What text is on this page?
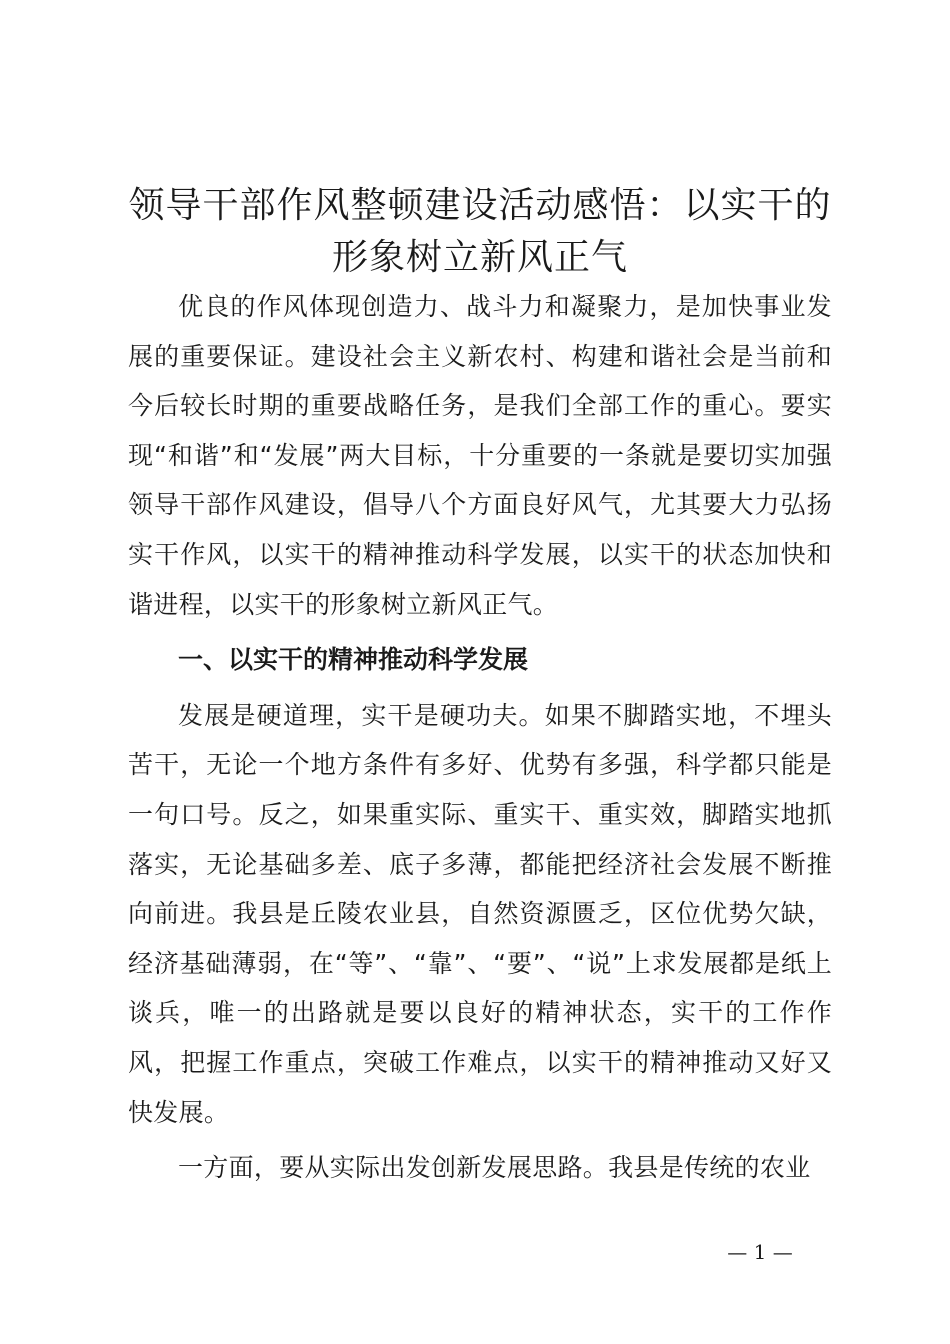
领导干部作风整顿建设活动感悟：以实干的形象树立新风正气

优良的作风体现创造力、战斗力和凝聚力，是加快事业发展的重要保证。建设社会主义新农村、构建和谐社会是当前和今后较长时期的重要战略任务，是我们全部工作的重心。要实现“和谐”和“发展”两大目标，十分重要的一条就是要切实加强领导干部作风建设，倡导八个方面良好风气，尤其要大力弘扬实干作风，以实干的精神推动科学发展，以实干的状态加快和谐进程，以实干的形象树立新风正气。

一、以实干的精神推动科学发展

发展是硬道理，实干是硬功夫。如果不脚踏实地，不埋头苦干，无论一个地方条件有多好、优势有多强，科学都只能是一句口号。反之，如果重实际、重实干、重实效，脚踏实地抓落实，无论基础多差、底子多薄，都能把经济社会发展不断推向前进。我县是丘陵农业县，自然资源匮乏，区位优势欠缺，经济基础薄弱，在“等”、“靠”、“要”、“说”上求发展都是纸上谈兵，唯一的出路就是要以良好的精神状态，实干的工作作风，把握工作重点，突破工作难点，以实干的精神推动又好又快发展。

一方面，要从实际出发创新发展思路。我县是传统的农业

— 1 —
